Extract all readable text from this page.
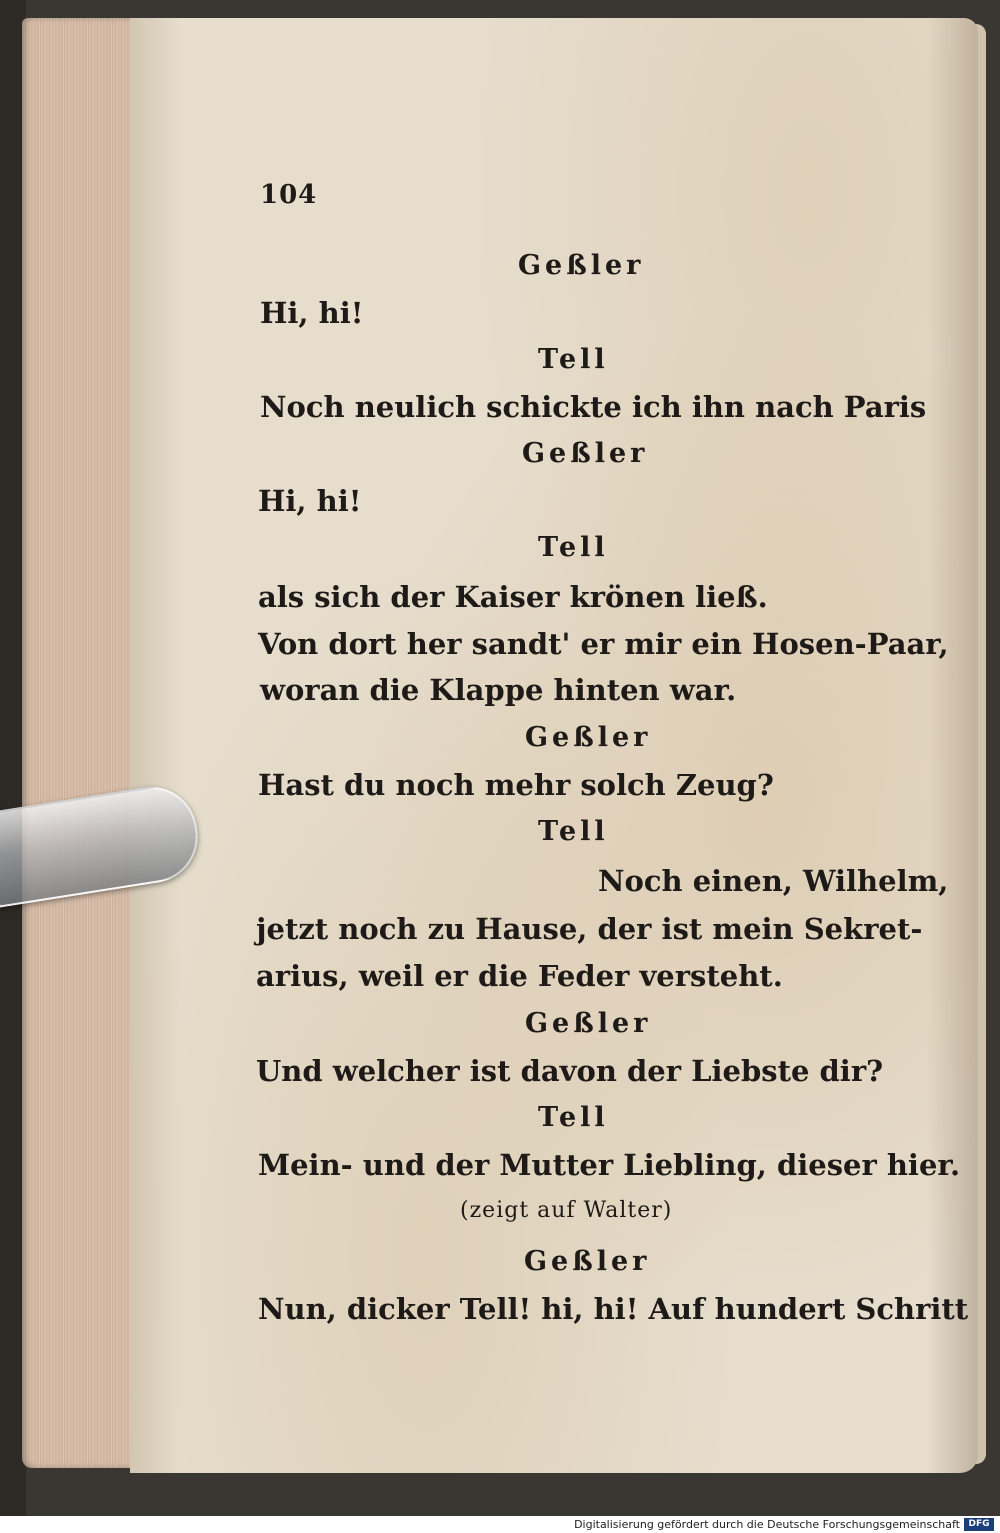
104
Geßler
Hi, hi!
Tell
Noch neulich schickte ich ihn nach Paris
Geßler
Hi, hi!
Tell
als sich der Kaiser krönen ließ.
Von dort her sandt' er mir ein Hosen-Paar,
woran die Klappe hinten war.
Geßler
Hast du noch mehr solch Zeug?
Tell
Noch einen, Wilhelm,
jetzt noch zu Hause, der ist mein Sekret-
arius, weil er die Feder versteht.
Geßler
Und welcher ist davon der Liebste dir?
Tell
Mein- und der Mutter Liebling, dieser hier.
(zeigt auf Walter)
Geßler
Nun, dicker Tell! hi, hi! Auf hundert Schritt
Digitalisierung gefördert durch die Deutsche Forschungsgemeinschaft DFG
